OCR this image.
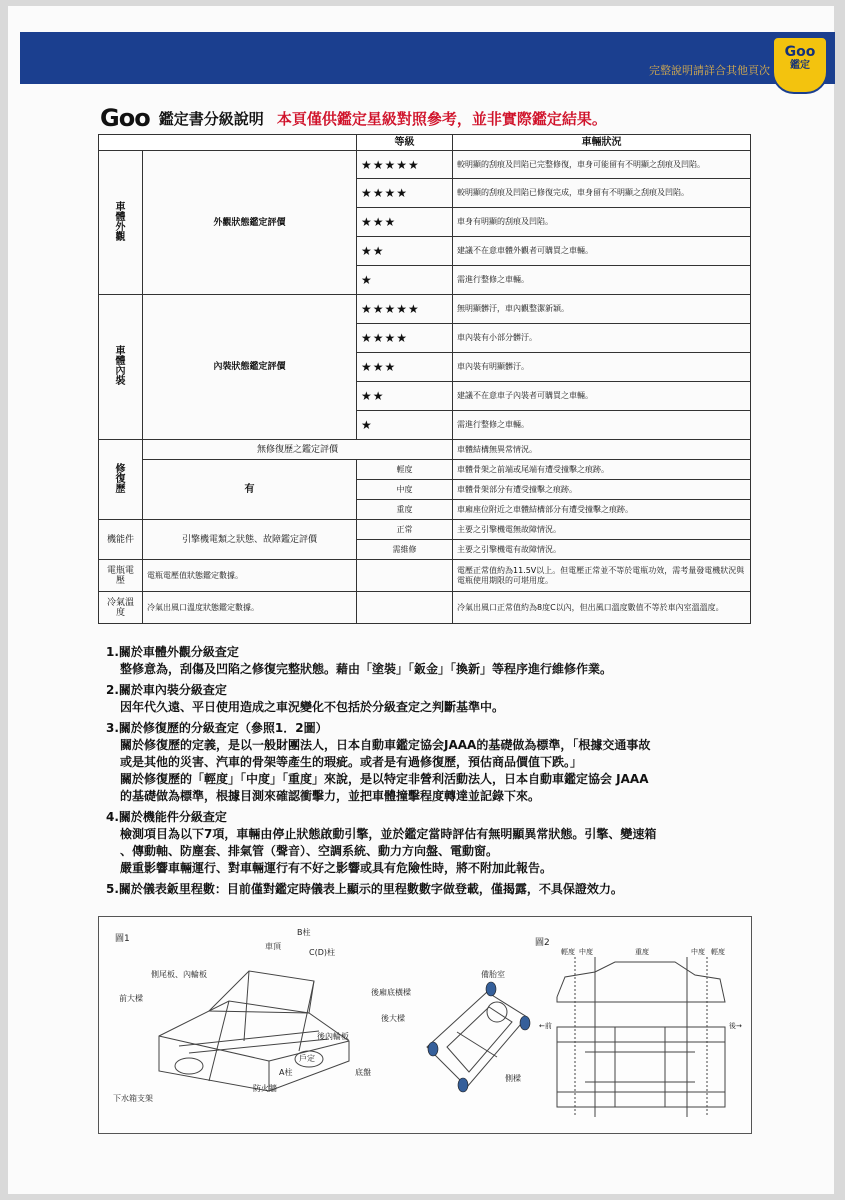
完整說明請詳合其他頁次
Goo
鑑定
Goo 鑑定書分級說明 本頁僅供鑑定星級對照參考，並非實際鑑定結果。
		等級	車輛狀況
車體外觀	外觀狀態鑑定評價	★★★★★	較明顯的刮痕及凹陷已完整修復，車身可能留有不明顯之刮痕及凹陷。
		★★★★	較明顯的刮痕及凹陷已修復完成，車身留有不明顯之刮痕及凹陷。
		★★★	車身有明顯的刮痕及凹陷。
		★★	建議不在意車體外觀者可購買之車輛。
		★	需進行整修之車輛。
車體內裝	內裝狀態鑑定評價	★★★★★	無明顯髒汙，車內觀整潔新穎。
		★★★★	車內裝有小部分髒汙。
		★★★	車內裝有明顯髒汙。
		★★	建議不在意車子內裝者可購買之車輛。
		★	需進行整修之車輛。
修復歷	無修復歷之鑑定評價		車體結構無異常情況。
	有	輕度	車體骨架之前端或尾端有遭受撞擊之痕跡。
		中度	車體骨架部分有遭受撞擊之痕跡。
		重度	車廂座位附近之車體結構部分有遭受撞擊之痕跡。
機能件	引擎機電類之狀態、故障鑑定評價	正常	主要之引擎機電無故障情況。
		需維修	主要之引擎機電有故障情況。
電瓶電壓	電瓶電壓值狀態鑑定數據。		電壓正常值約為11.5V以上。但電壓正常並不等於電瓶功效，需考量發電機狀況與電瓶使用期限的可堪用度。
冷氣溫度	冷氣出風口溫度狀態鑑定數據。		冷氣出風口正常值約為8度C以內，但出風口溫度數值不等於車內室溫溫度。
1.關於車體外觀分級查定
整修意為，刮傷及凹陷之修復完整狀態。藉由「塗裝」「鈑金」「換新」等程序進行維修作業。
2.關於車內裝分級查定
因年代久遠、平日使用造成之車況變化不包括於分級查定之判斷基準中。
3.關於修復歷的分級查定（參照1．2圖）
關於修復歷的定義，是以一般財團法人，日本自動車鑑定協会JAAA的基礎做為標準，「根據交通事故
或是其他的災害、汽車的骨架等產生的瑕疵。或者是有過修復歷，預估商品價值下跌。」
關於修復歷的「輕度」「中度」「重度」來說，是以特定非營利活動法人，日本自動車鑑定協会 JAAA
的基礎做為標準，根據目測來確認衝擊力，並把車體撞擊程度轉達並記錄下來。
4.關於機能件分級查定
檢測項目為以下7項，車輛由停止狀態啟動引擎，並於鑑定當時評估有無明顯異常狀態。引擎、變速箱
、傳動軸、防塵套、排氣管（聲音）、空調系統、動力方向盤、電動窗。
嚴重影響車輛運行、對車輛運行有不好之影響或具有危險性時，將不附加此報告。
5.關於儀表鈑里程數：目前僅對鑑定時儀表上顯示的里程數數字做登載，僅揭露，不具保證效力。
圖1
B柱
車頂
C(D)柱
側尾板、內輪板
前大樑
後內輪板
戶定
A柱
防火牆
下水箱支架
後廂底橫樑
後大樑
備胎室
底盤
側樑
圖2
輕度 中度	重度	中度 輕度
←前	後→
